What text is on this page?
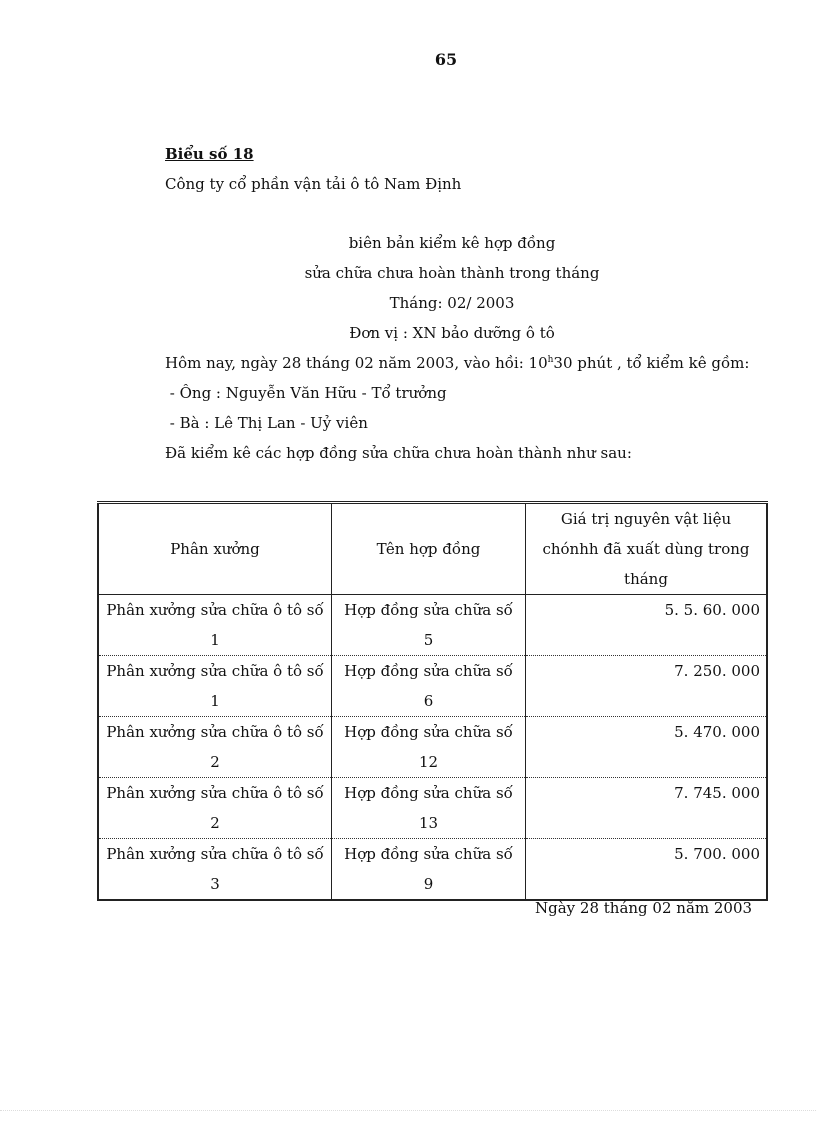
65
Biểu số 18
Công ty cổ phần vận tải ô tô Nam Định
biên bản kiểm kê hợp đồng
sửa chữa chưa hoàn thành trong tháng
Tháng: 02/ 2003
Đơn vị : XN bảo dưỡng ô tô
Hôm nay, ngày 28 tháng 02 năm 2003, vào hồi: 10$^h$30 phút , tổ kiểm kê gồm:
- Ông : Nguyễn Văn Hữu - Tổ trưởng
- Bà : Lê Thị Lan - Uỷ viên
Đã kiểm kê các hợp đồng sửa chữa chưa hoàn thành như sau:
Phân xưởng	Tên hợp đồng	Giá trị nguyên vật liệu chónhh đã xuất dùng trong tháng
Phân xưởng sửa chữa ô tô số 1	Hợp đồng sửa chữa số 5	5. 5. 60. 000
Phân xưởng sửa chữa ô tô số 1	Hợp đồng sửa chữa số 6	7. 250. 000
Phân xưởng sửa chữa ô tô số 2	Hợp đồng sửa chữa số 12	5. 470. 000
Phân xưởng sửa chữa ô tô số 2	Hợp đồng sửa chữa số 13	7. 745. 000
Phân xưởng sửa chữa ô tô số 3	Hợp đồng sửa chữa số 9	5. 700. 000
Ngày 28 tháng 02 năm 2003
